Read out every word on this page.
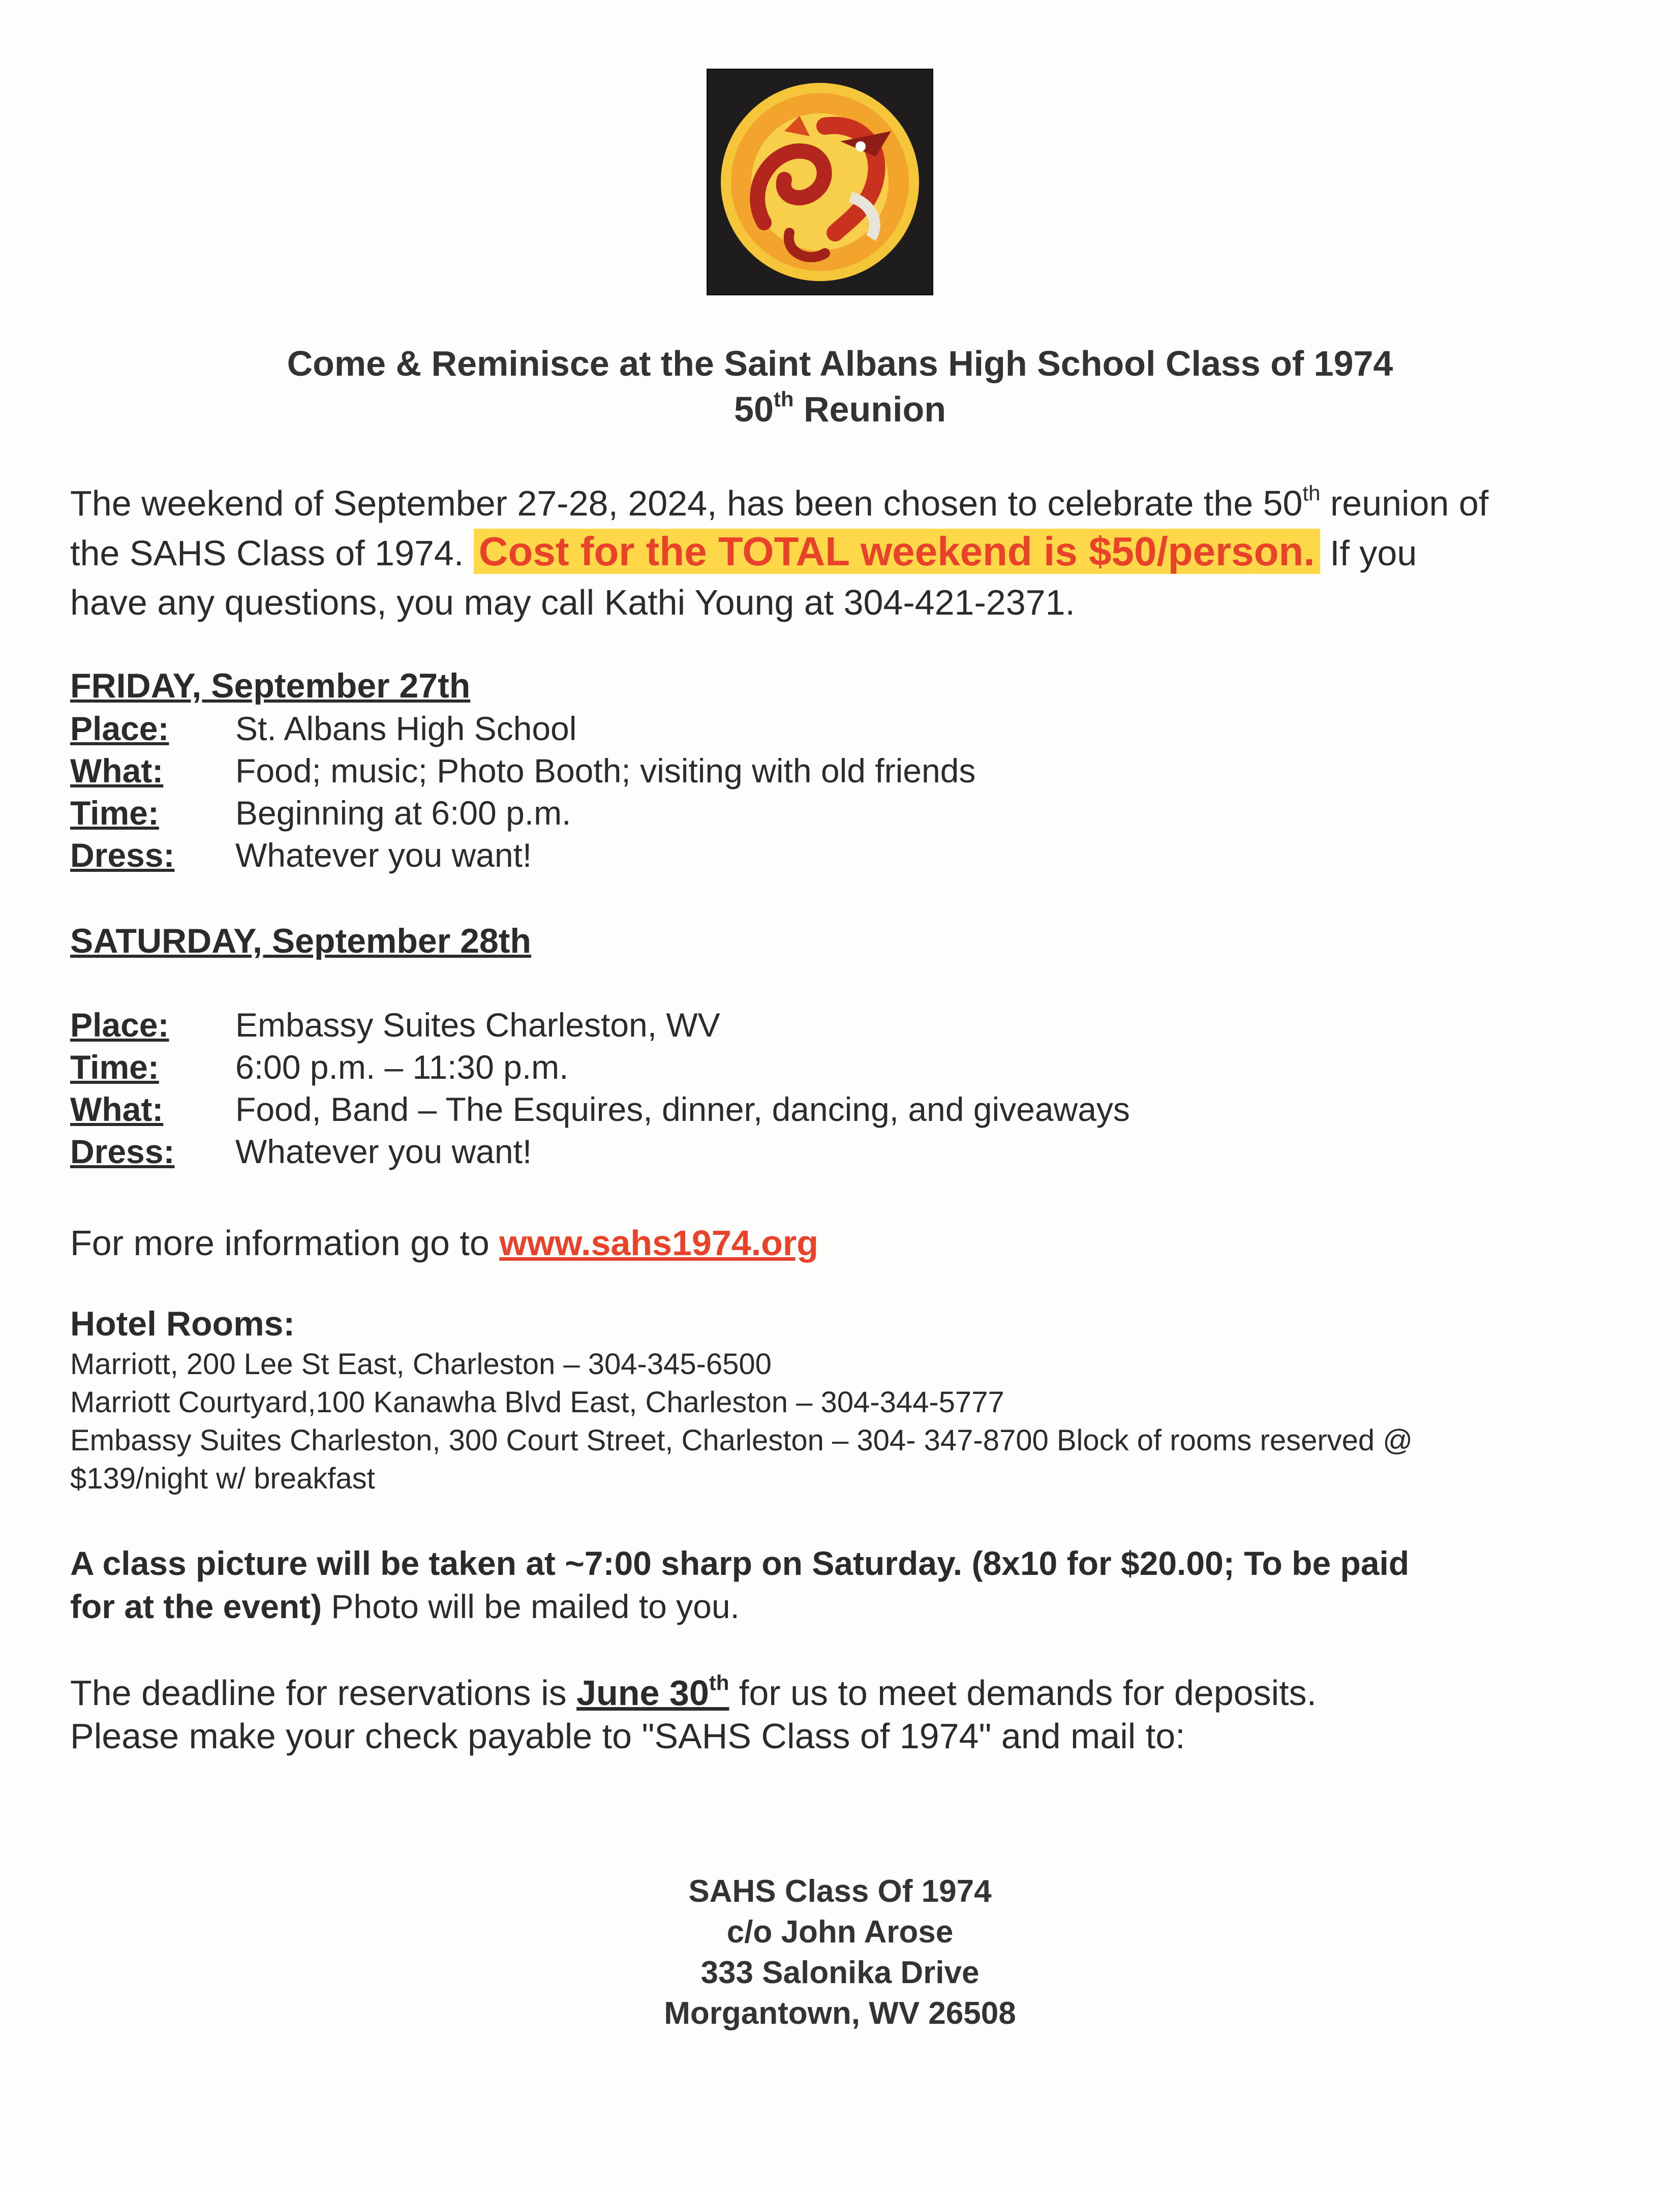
Come & Reminisce at the Saint Albans High School Class of 1974
50th Reunion
The weekend of September 27-28, 2024, has been chosen to celebrate the 50th reunion of
the SAHS Class of 1974. Cost for the TOTAL weekend is $50/person. If you
have any questions, you may call Kathi Young at 304-421-2371.
FRIDAY, September 27th
Place: St. Albans High School
What: Food; music; Photo Booth; visiting with old friends
Time: Beginning at 6:00 p.m.
Dress: Whatever you want!
SATURDAY, September 28th
Place: Embassy Suites Charleston, WV
Time: 6:00 p.m. – 11:30 p.m.
What: Food, Band – The Esquires, dinner, dancing, and giveaways
Dress: Whatever you want!
For more information go to www.sahs1974.org
Hotel Rooms:
Marriott, 200 Lee St East, Charleston – 304-345-6500
Marriott Courtyard,100 Kanawha Blvd East, Charleston – 304-344-5777
Embassy Suites Charleston, 300 Court Street, Charleston – 304- 347-8700 Block of rooms reserved @
$139/night w/ breakfast
A class picture will be taken at ~7:00 sharp on Saturday. (8x10 for $20.00; To be paid
for at the event) Photo will be mailed to you.
The deadline for reservations is June 30th for us to meet demands for deposits.
Please make your check payable to "SAHS Class of 1974" and mail to:
SAHS Class Of 1974
c/o John Arose
333 Salonika Drive
Morgantown, WV 26508
